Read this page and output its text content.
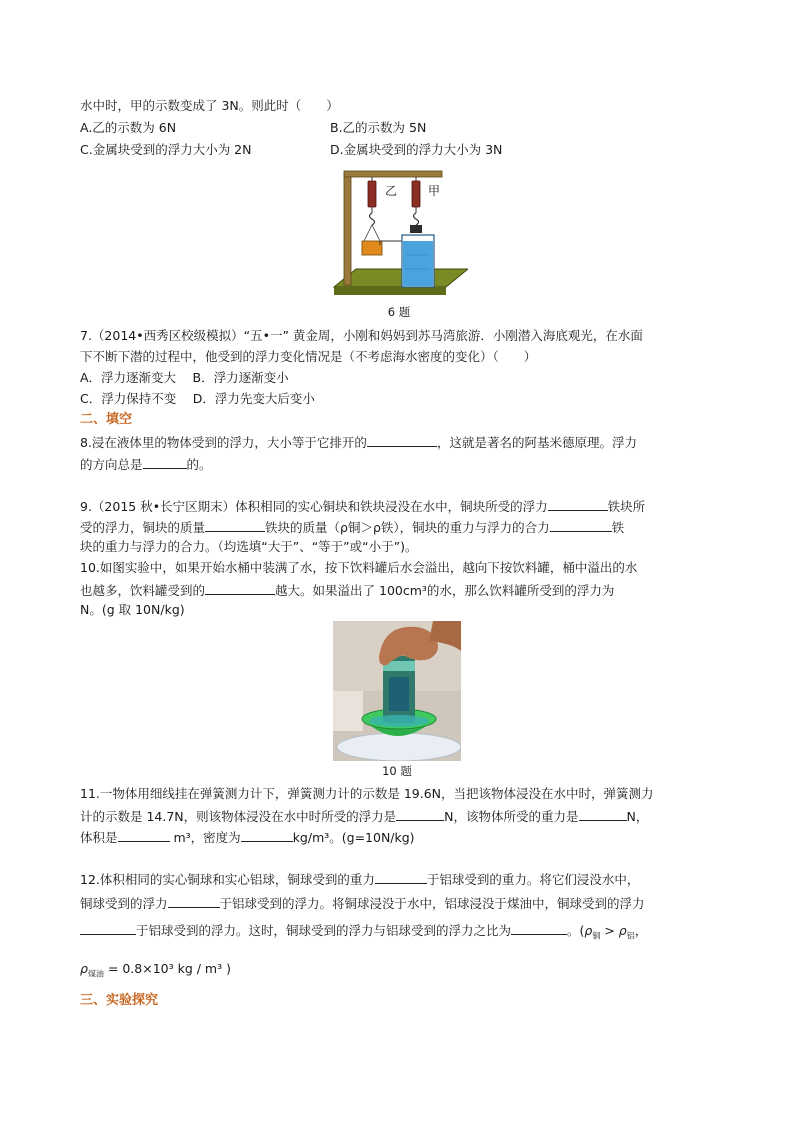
水中时，甲的示数变成了 3N。则此时（　　）
A.乙的示数为 6N	B.乙的示数为 5N
C.金属块受到的浮力大小为 2N	D.金属块受到的浮力大小为 3N
乙	甲
6 题
7.（2014•西秀区校级模拟）“五•一” 黄金周，小刚和妈妈到苏马湾旅游．小刚潜入海底观光，在水面
下不断下潜的过程中，他受到的浮力变化情况是（不考虑海水密度的变化）（　　）
A．浮力逐渐变大　 B．浮力逐渐变小
C．浮力保持不变　 D．浮力先变大后变小
二、填空
8.浸在液体里的物体受到的浮力，大小等于它排开的	，这就是著名的阿基米德原理。浮力
的方向总是	的。
9.（2015 秋•长宁区期末）体积相同的实心铜块和铁块浸没在水中，铜块所受的浮力	铁块所
受的浮力，铜块的质量	铁块的质量（ρ铜＞ρ铁），铜块的重力与浮力的合力	铁
块的重力与浮力的合力。（均选填“大于”、“等于”或“小于”)。
10.如图实验中，如果开始水桶中装满了水，按下饮料罐后水会溢出，越向下按饮料罐，桶中溢出的水
也越多，饮料罐受到的	越大。如果溢出了 100cm³的水，那么饮料罐所受到的浮力为
N。(g 取 10N/kg)
10 题
11.一物体用细线挂在弹簧测力计下，弹簧测力计的示数是 19.6N，当把该物体浸没在水中时，弹簧测力
计的示数是 14.7N，则该物体浸没在水中时所受的浮力是	N，该物体所受的重力是	N，
体积是	m³，密度为	kg/m³。(g=10N/kg)
12.体积相同的实心铜球和实心铝球，铜球受到的重力	于铝球受到的重力。将它们浸没水中，
铜球受到的浮力	于铝球受到的浮力。将铜球浸没于水中，铝球浸没于煤油中，铜球受到的浮力
于铝球受到的浮力。这时，铜球受到的浮力与铝球受到的浮力之比为	。($\rho_铜 > \rho_铝$，
$\rho_{煤油} = 0.8\times 10^3$ kg / m³ )
三、实验探究
